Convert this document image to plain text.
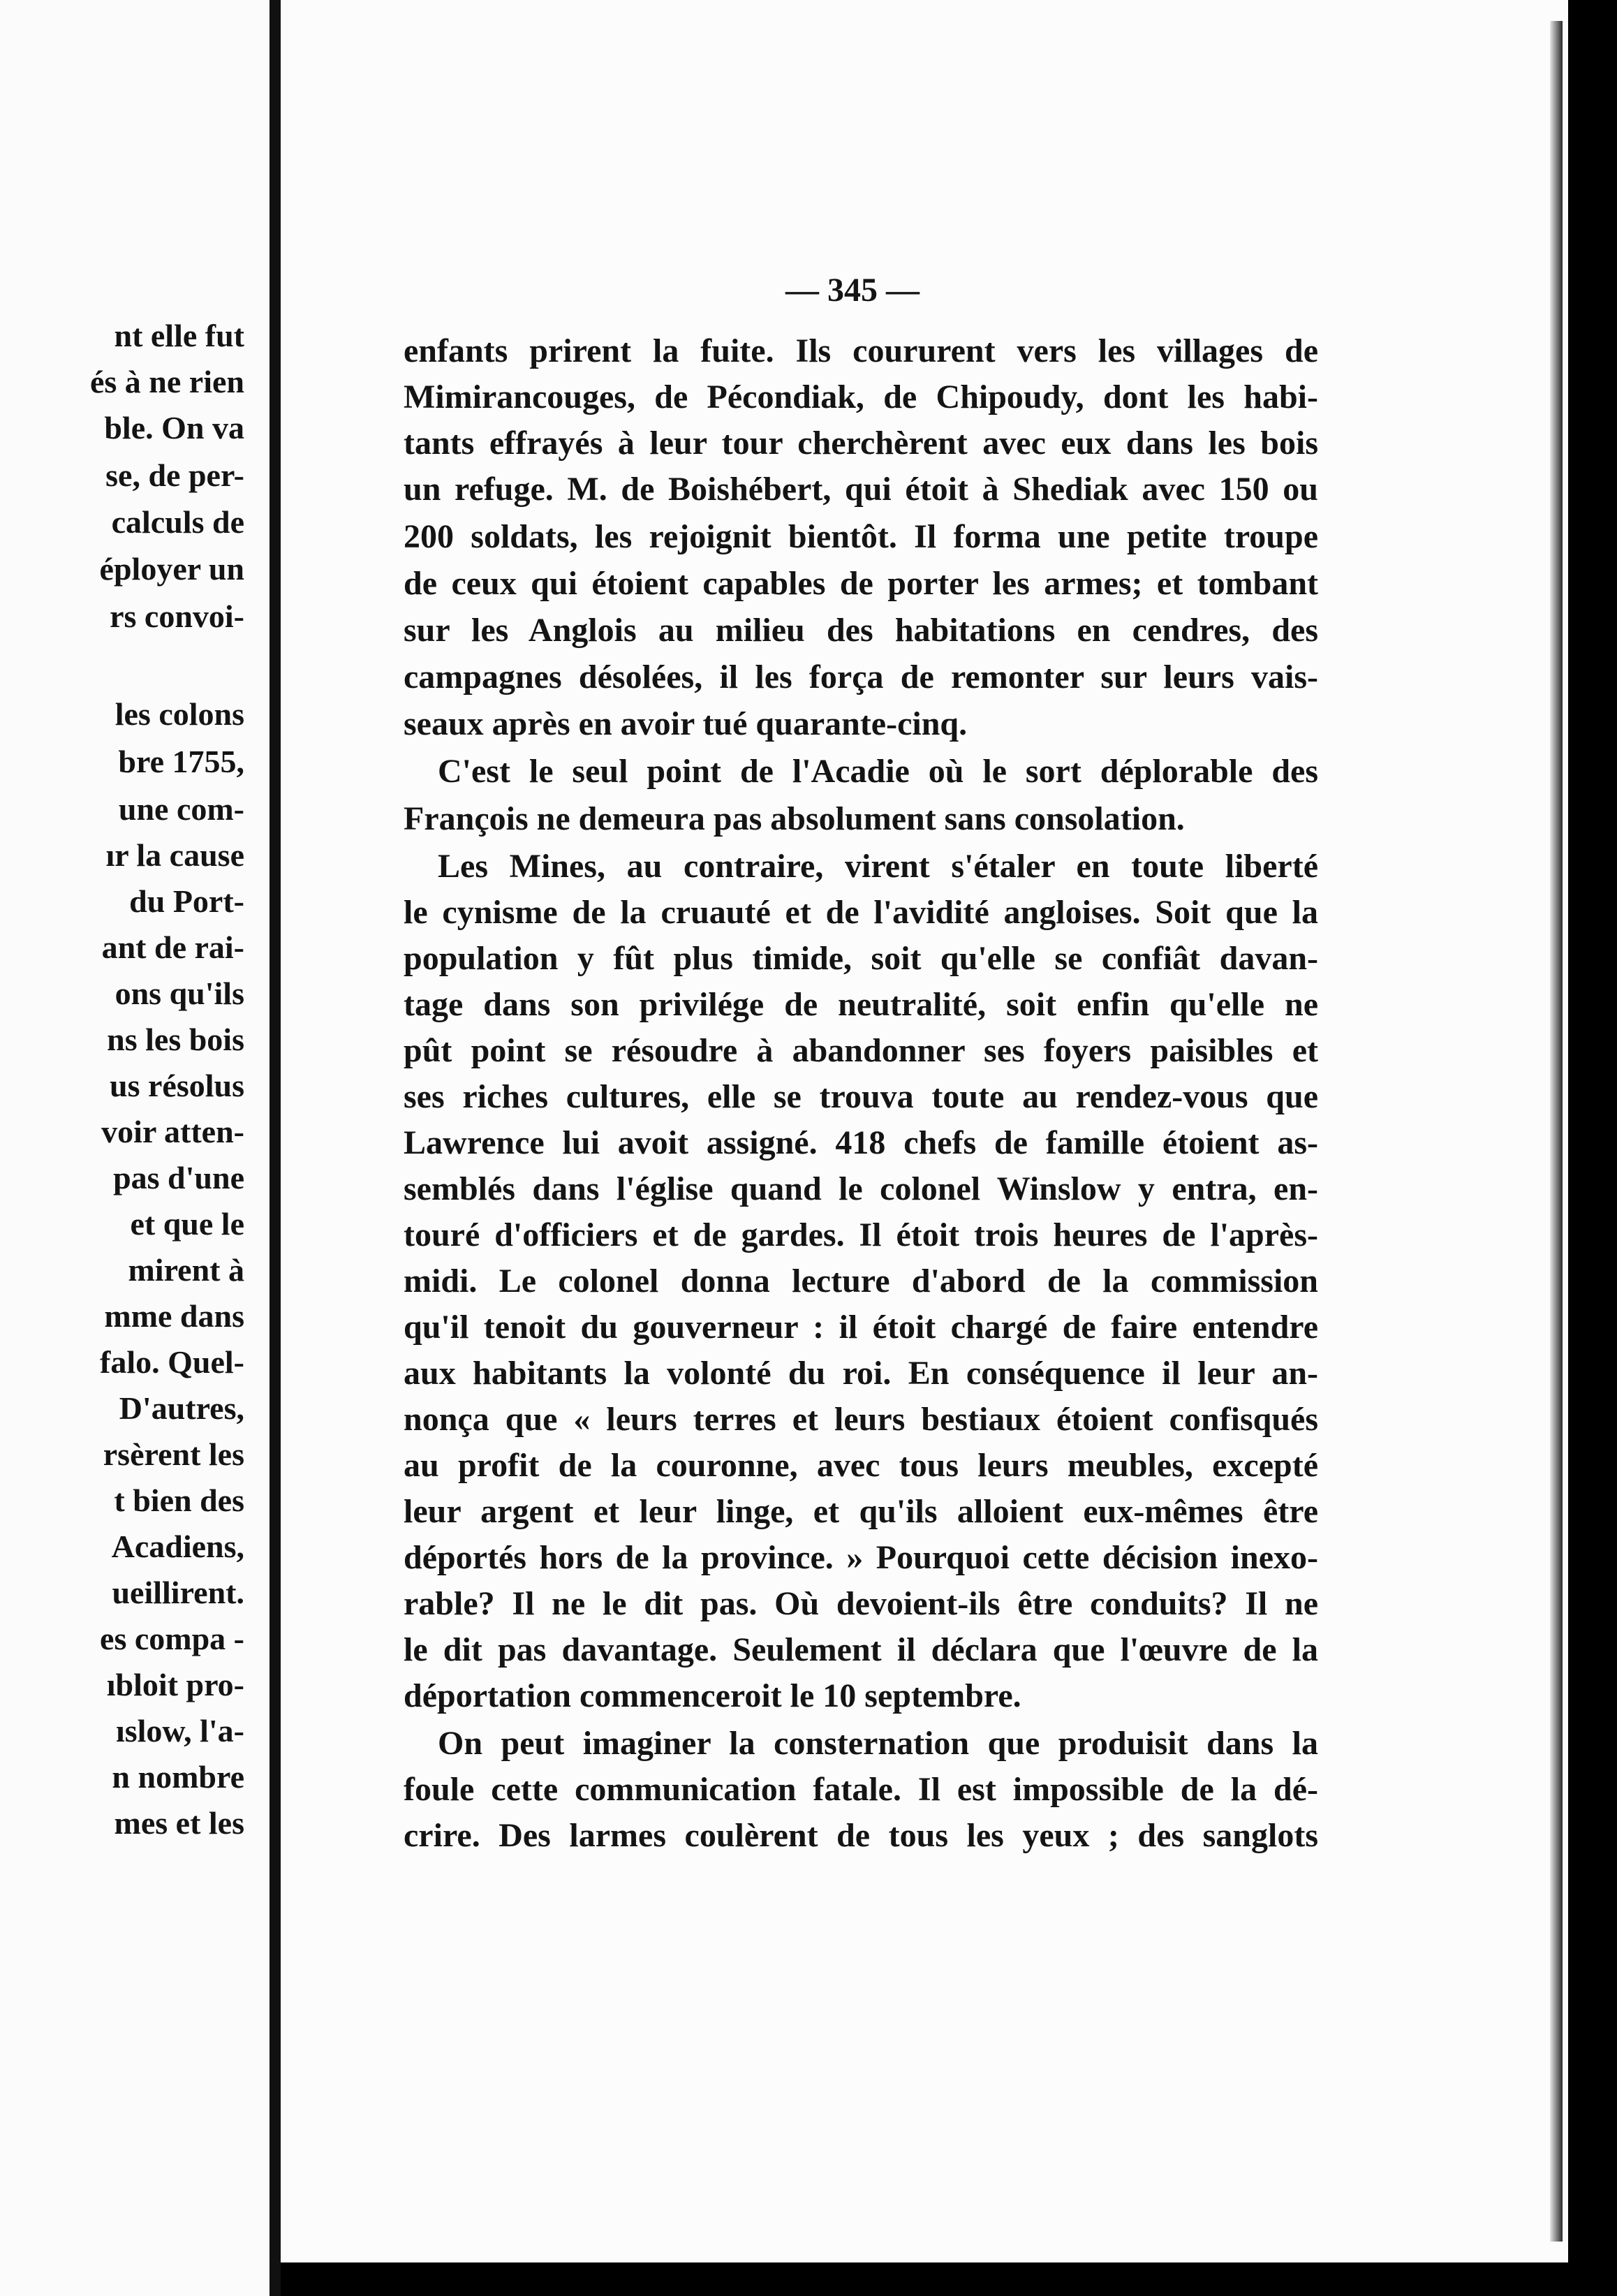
nt elle fut
és à ne rien
ble. On va
se, de per-
calculs de
éployer un
rs convoi-
les colons
bre 1755,
une com-
ır la cause
du Port-
ant de rai-
ons qu'ils
ns les bois
us résolus
voir atten-
pas d'une
et que le
mirent à
mme dans
falo. Quel-
D'autres,
rsèrent les
t bien des
Acadiens,
ueillirent.
es compa -
ıbloit pro-
ıslow, l'a-
n nombre
mes et les
— 345 —
enfants prirent la fuite. Ils coururent vers les villages de
Mimirancouges, de Pécondiak, de Chipoudy, dont les habi-
tants effrayés à leur tour cherchèrent avec eux dans les bois
un refuge. M. de Boishébert, qui étoit à Shediak avec 150 ou
200 soldats, les rejoignit bientôt. Il forma une petite troupe
de ceux qui étoient capables de porter les armes; et tombant
sur les Anglois au milieu des habitations en cendres, des
campagnes désolées, il les força de remonter sur leurs vais-
seaux après en avoir tué quarante-cinq.
C'est le seul point de l'Acadie où le sort déplorable des
François ne demeura pas absolument sans consolation.
Les Mines, au contraire, virent s'étaler en toute liberté
le cynisme de la cruauté et de l'avidité angloises. Soit que la
population y fût plus timide, soit qu'elle se confiât davan-
tage dans son privilége de neutralité, soit enfin qu'elle ne
pût point se résoudre à abandonner ses foyers paisibles et
ses riches cultures, elle se trouva toute au rendez-vous que
Lawrence lui avoit assigné. 418 chefs de famille étoient as-
semblés dans l'église quand le colonel Winslow y entra, en-
touré d'officiers et de gardes. Il étoit trois heures de l'après-
midi. Le colonel donna lecture d'abord de la commission
qu'il tenoit du gouverneur : il étoit chargé de faire entendre
aux habitants la volonté du roi. En conséquence il leur an-
nonça que « leurs terres et leurs bestiaux étoient confisqués
au profit de la couronne, avec tous leurs meubles, excepté
leur argent et leur linge, et qu'ils alloient eux-mêmes être
déportés hors de la province. » Pourquoi cette décision inexo-
rable? Il ne le dit pas. Où devoient-ils être conduits? Il ne
le dit pas davantage. Seulement il déclara que l'œuvre de la
déportation commenceroit le 10 septembre.
On peut imaginer la consternation que produisit dans la
foule cette communication fatale. Il est impossible de la dé-
crire. Des larmes coulèrent de tous les yeux ; des sanglots
